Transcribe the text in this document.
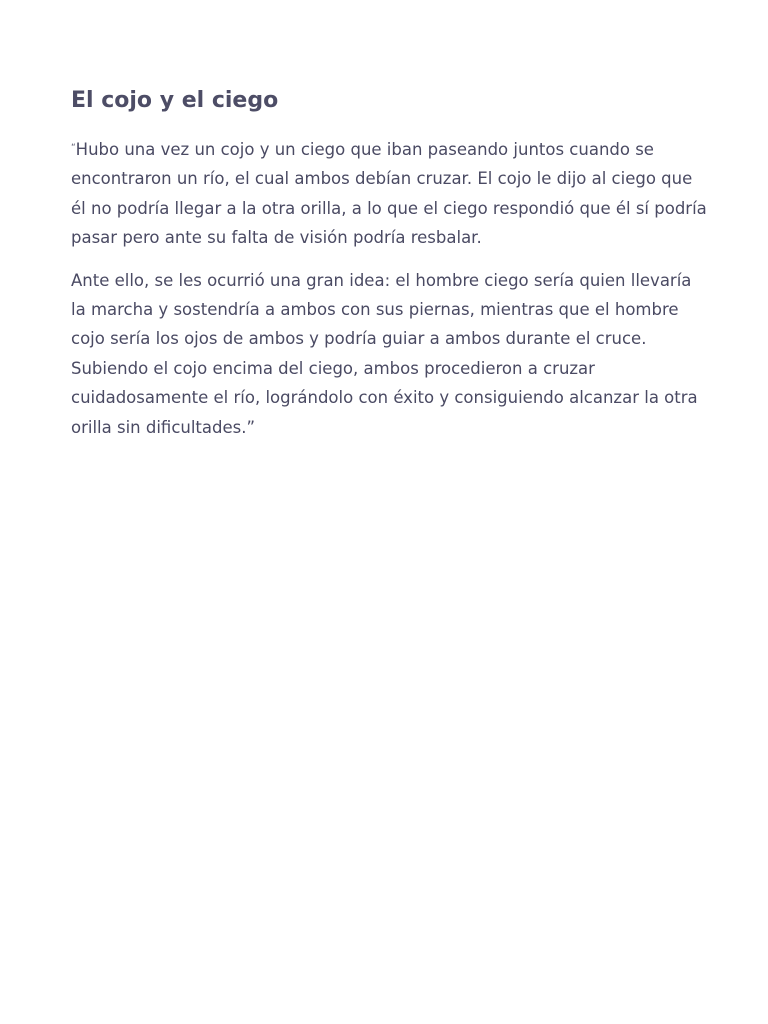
El cojo y el ciego

“Hubo una vez un cojo y un ciego que iban paseando juntos cuando se encontraron un río, el cual ambos debían cruzar. El cojo le dijo al ciego que él no podría llegar a la otra orilla, a lo que el ciego respondió que él sí podría pasar pero ante su falta de visión podría resbalar.

Ante ello, se les ocurrió una gran idea: el hombre ciego sería quien llevaría la marcha y sostendría a ambos con sus piernas, mientras que el hombre cojo sería los ojos de ambos y podría guiar a ambos durante el cruce. Subiendo el cojo encima del ciego, ambos procedieron a cruzar cuidadosamente el río, lográndolo con éxito y consiguiendo alcanzar la otra orilla sin dificultades.”
